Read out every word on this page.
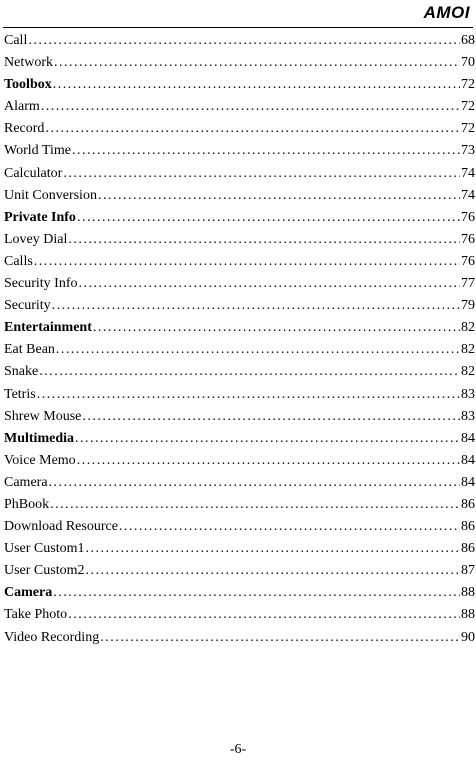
AMOI
Call .....	68
Network .....	70
Toolbox .....	72
Alarm .....	72
Record .....	72
World Time .....	73
Calculator .....	74
Unit Conversion .....	74
Private Info .....	76
Lovey Dial .....	76
Calls .....	76
Security Info .....	77
Security .....	79
Entertainment .....	82
Eat Bean .....	82
Snake .....	82
Tetris .....	83
Shrew Mouse .....	83
Multimedia .....	84
Voice Memo .....	84
Camera .....	84
PhBook .....	86
Download Resource .....	86
User Custom1 .....	86
User Custom2 .....	87
Camera .....	88
Take Photo .....	88
Video Recording .....	90
-6-
